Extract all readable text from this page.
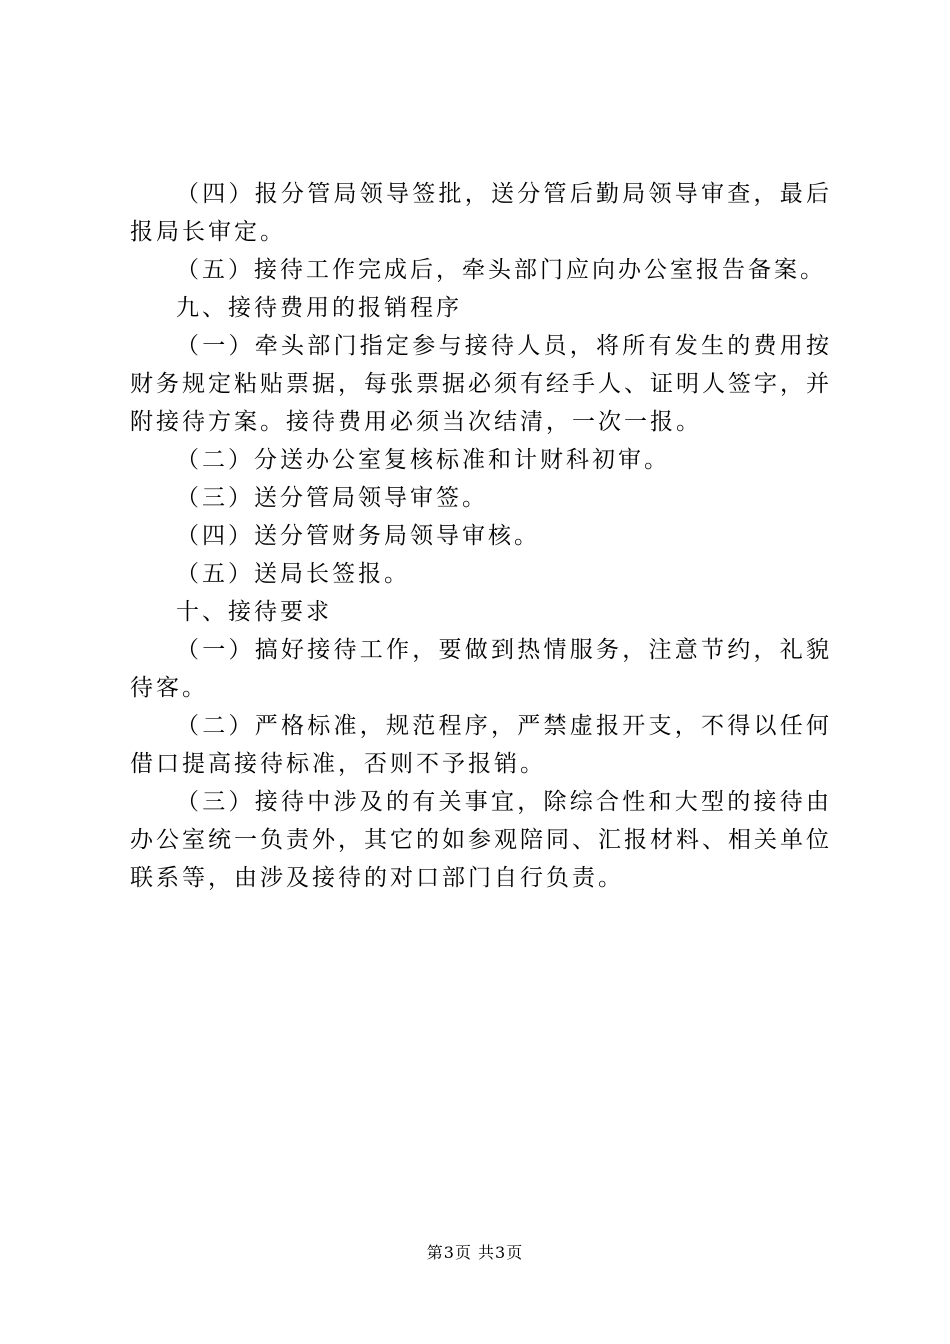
（四）报分管局领导签批，送分管后勤局领导审查，最后报局长审定。

（五）接待工作完成后，牵头部门应向办公室报告备案。

九、接待费用的报销程序

（一）牵头部门指定参与接待人员，将所有发生的费用按财务规定粘贴票据，每张票据必须有经手人、证明人签字，并附接待方案。接待费用必须当次结清，一次一报。

（二）分送办公室复核标准和计财科初审。

（三）送分管局领导审签。

（四）送分管财务局领导审核。

（五）送局长签报。

十、接待要求

（一）搞好接待工作，要做到热情服务，注意节约，礼貌待客。

（二）严格标准，规范程序，严禁虚报开支，不得以任何借口提高接待标准，否则不予报销。

（三）接待中涉及的有关事宜，除综合性和大型的接待由办公室统一负责外，其它的如参观陪同、汇报材料、相关单位联系等，由涉及接待的对口部门自行负责。

第3页 共3页
